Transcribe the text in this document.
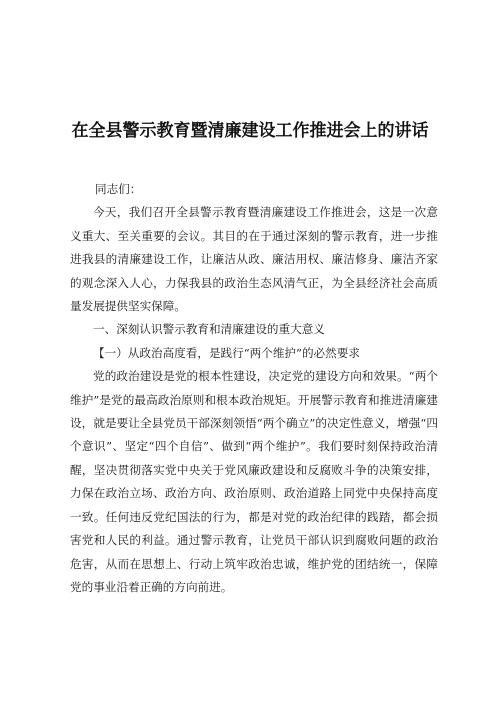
在全县警示教育暨清廉建设工作推进会上的讲话

同志们：

今天，我们召开全县警示教育暨清廉建设工作推进会，这是一次意义重大、至关重要的会议。其目的在于通过深刻的警示教育，进一步推进我县的清廉建设工作，让廉洁从政、廉洁用权、廉洁修身、廉洁齐家的观念深入人心，力保我县的政治生态风清气正，为全县经济社会高质量发展提供坚实保障。

一、深刻认识警示教育和清廉建设的重大意义

【一）从政治高度看，是践行“两个维护”的必然要求

党的政治建设是党的根本性建设，决定党的建设方向和效果。“两个维护”是党的最高政治原则和根本政治规矩。开展警示教育和推进清廉建设，就是要让全县党员干部深刻领悟“两个确立”的决定性意义，增强“四个意识”、坚定“四个自信”、做到“两个维护”。我们要时刻保持政治清醒，坚决贯彻落实党中央关于党风廉政建设和反腐败斗争的决策安排，力保在政治立场、政治方向、政治原则、政治道路上同党中央保持高度一致。任何违反党纪国法的行为，都是对党的政治纪律的践踏，都会损害党和人民的利益。通过警示教育，让党员干部认识到腐败问题的政治危害，从而在思想上、行动上筑牢政治忠诚，维护党的团结统一，保障党的事业沿着正确的方向前进。
